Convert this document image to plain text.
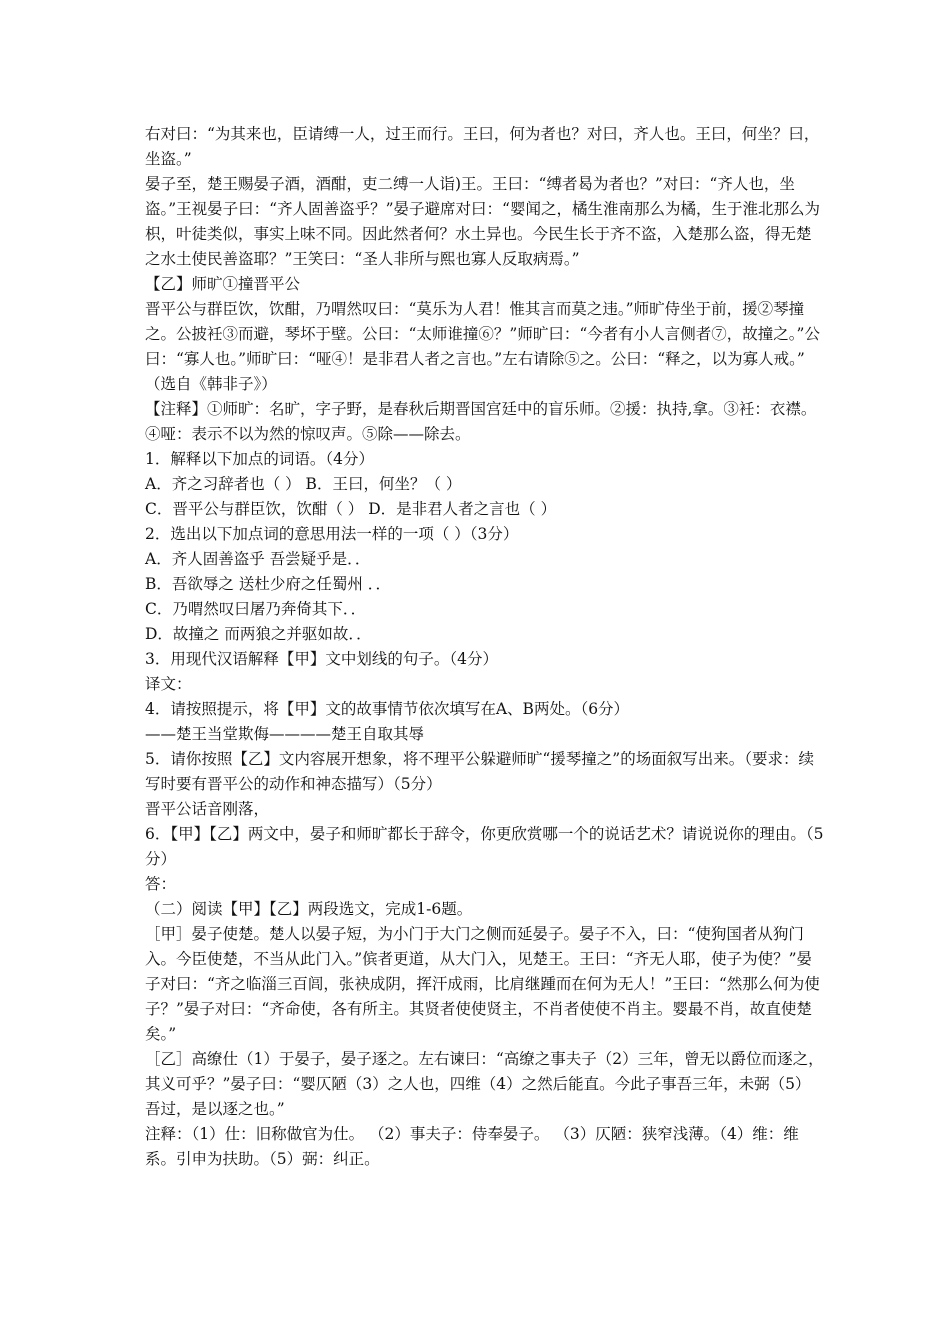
右对曰：“为其来也，臣请缚一人，过王而行。王曰，何为者也？对曰，齐人也。王曰，何坐？曰，坐盗。”

晏子至，楚王赐晏子酒，酒酣，吏二缚一人诣)王。王曰：“缚者曷为者也？”对曰：“齐人也，坐盗。”王视晏子曰：“齐人固善盗乎？”晏子避席对曰：“婴闻之，橘生淮南那么为橘，生于淮北那么为枳，叶徒类似，事实上味不同。因此然者何？水土异也。今民生长于齐不盗，入楚那么盗，得无楚之水土使民善盗耶？”王笑曰：“圣人非所与熙也寡人反取病焉。”

【乙】师旷①撞晋平公

晋平公与群臣饮，饮酣，乃喟然叹曰：“莫乐为人君！惟其言而莫之违。”师旷侍坐于前，援②琴撞之。公披衽③而避，琴坏于壁。公曰：“太师谁撞⑥？”师旷曰：“今者有小人言侧者⑦，故撞之。”公曰：“寡人也。”师旷曰：“哑④！是非君人者之言也。”左右请除⑤之。公曰：“释之，以为寡人戒。”

（选自《韩非子》）

【注释】①师旷：名旷，字子野，是春秋后期晋国宫廷中的盲乐师。②援：执持,拿。③衽：衣襟。④哑：表示不以为然的惊叹声。⑤除——除去。

1．解释以下加点的词语。（4分）

A．齐之习辞者也（ ） B．王曰，何坐？（ ）

C．晋平公与群臣饮，饮酣（ ） D．是非君人者之言也（ ）

2．选出以下加点词的意思用法一样的一项（ ）（3分）

A．齐人固善盗乎 吾尝疑乎是．．

B．吾欲辱之 送杜少府之任蜀州 ．．

C．乃喟然叹曰屠乃奔倚其下．．

D．故撞之 而两狼之并驱如故．．

3．用现代汉语解释【甲】文中划线的句子。（4分）

译文：

4．请按照提示，将【甲】文的故事情节依次填写在A、B两处。（6分）

——楚王当堂欺侮————楚王自取其辱

5．请你按照【乙】文内容展开想象，将不理平公躲避师旷“援琴撞之”的场面叙写出来。（要求：续写时要有晋平公的动作和神态描写）（5分）

晋平公话音刚落，

6．【甲】【乙】两文中，晏子和师旷都长于辞令，你更欣赏哪一个的说话艺术？请说说你的理由。（5分）

答：

（二）阅读【甲】【乙】两段选文，完成1-6题。

［甲］晏子使楚。楚人以晏子短，为小门于大门之侧而延晏子。晏子不入，曰：“使狗国者从狗门入。今臣使楚，不当从此门入。”傧者更道，从大门入，见楚王。王曰：“齐无人耶，使子为使？”晏子对曰：“齐之临淄三百闾，张袂成阴，挥汗成雨，比肩继踵而在何为无人！”王曰：“然那么何为使子？”晏子对曰：“齐命使，各有所主。其贤者使使贤主，不肖者使使不肖主。婴最不肖，故直使楚矣。”

［乙］高缭仕（1）于晏子，晏子逐之。左右谏曰：“高缭之事夫子（2）三年，曾无以爵位而逐之，其义可乎？”晏子曰：“婴仄陋（3）之人也，四维（4）之然后能直。今此子事吾三年，未弼（5）吾过，是以逐之也。”

注释：（1）仕：旧称做官为仕。 （2）事夫子：侍奉晏子。 （3）仄陋：狭窄浅薄。（4）维：维系。引申为扶助。（5）弼：纠正。
